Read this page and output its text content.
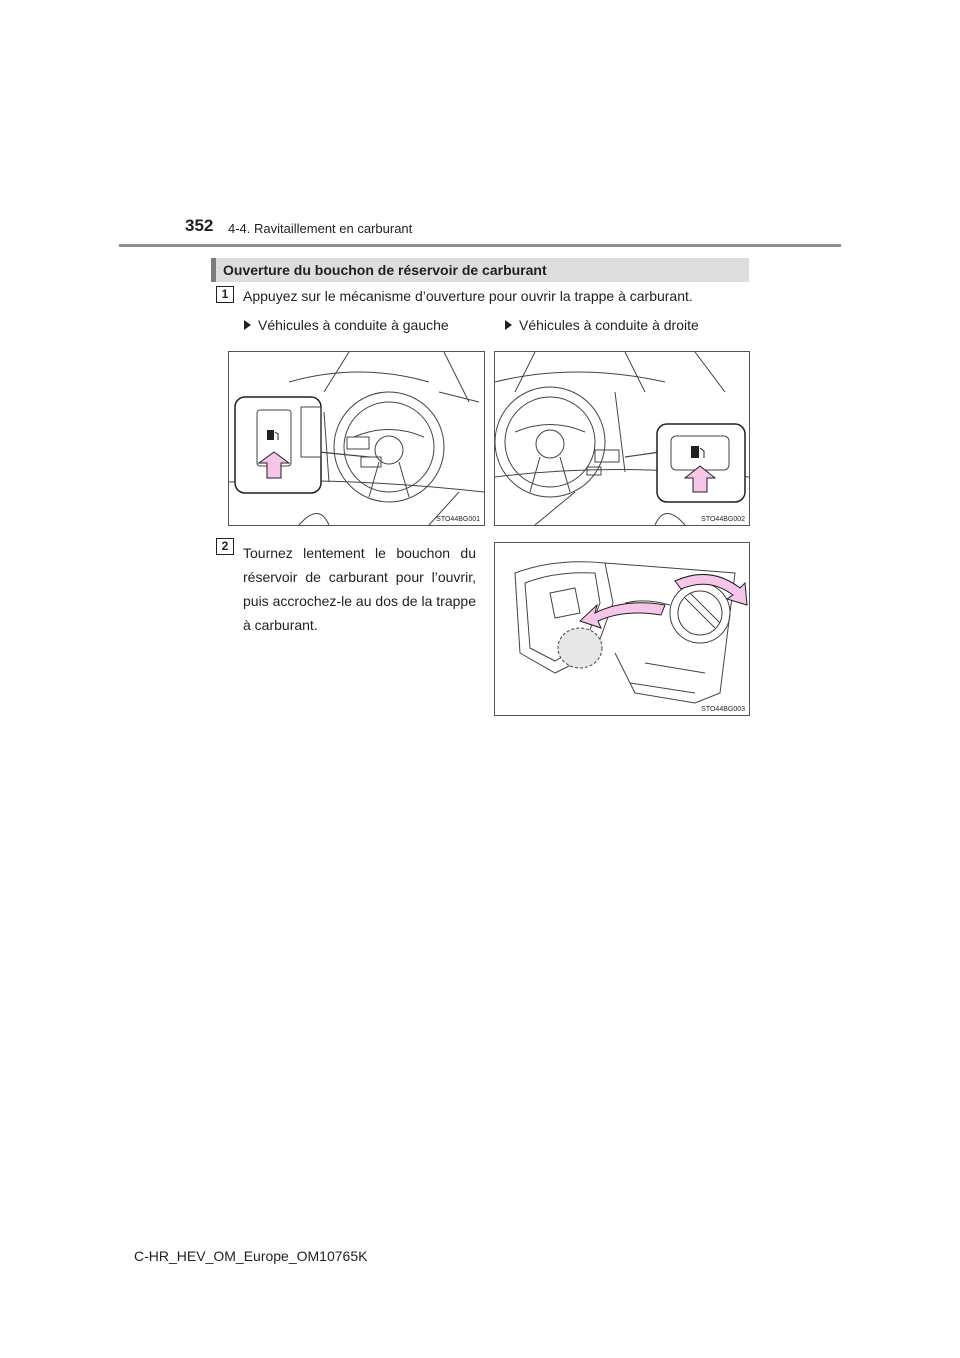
352 4-4. Ravitaillement en carburant
Ouverture du bouchon de réservoir de carburant
1	Appuyez sur le mécanisme d’ouverture pour ouvrir la trappe à carburant.
Véhicules à conduite à gauche	Véhicules à conduite à droite
STO44BG001	STO44BG002
2	Tournez lentement le bouchon du réservoir de carburant pour l’ouvrir, puis accrochez-le au dos de la trappe à carburant.
STO44BG003
C-HR_HEV_OM_Europe_OM10765K
